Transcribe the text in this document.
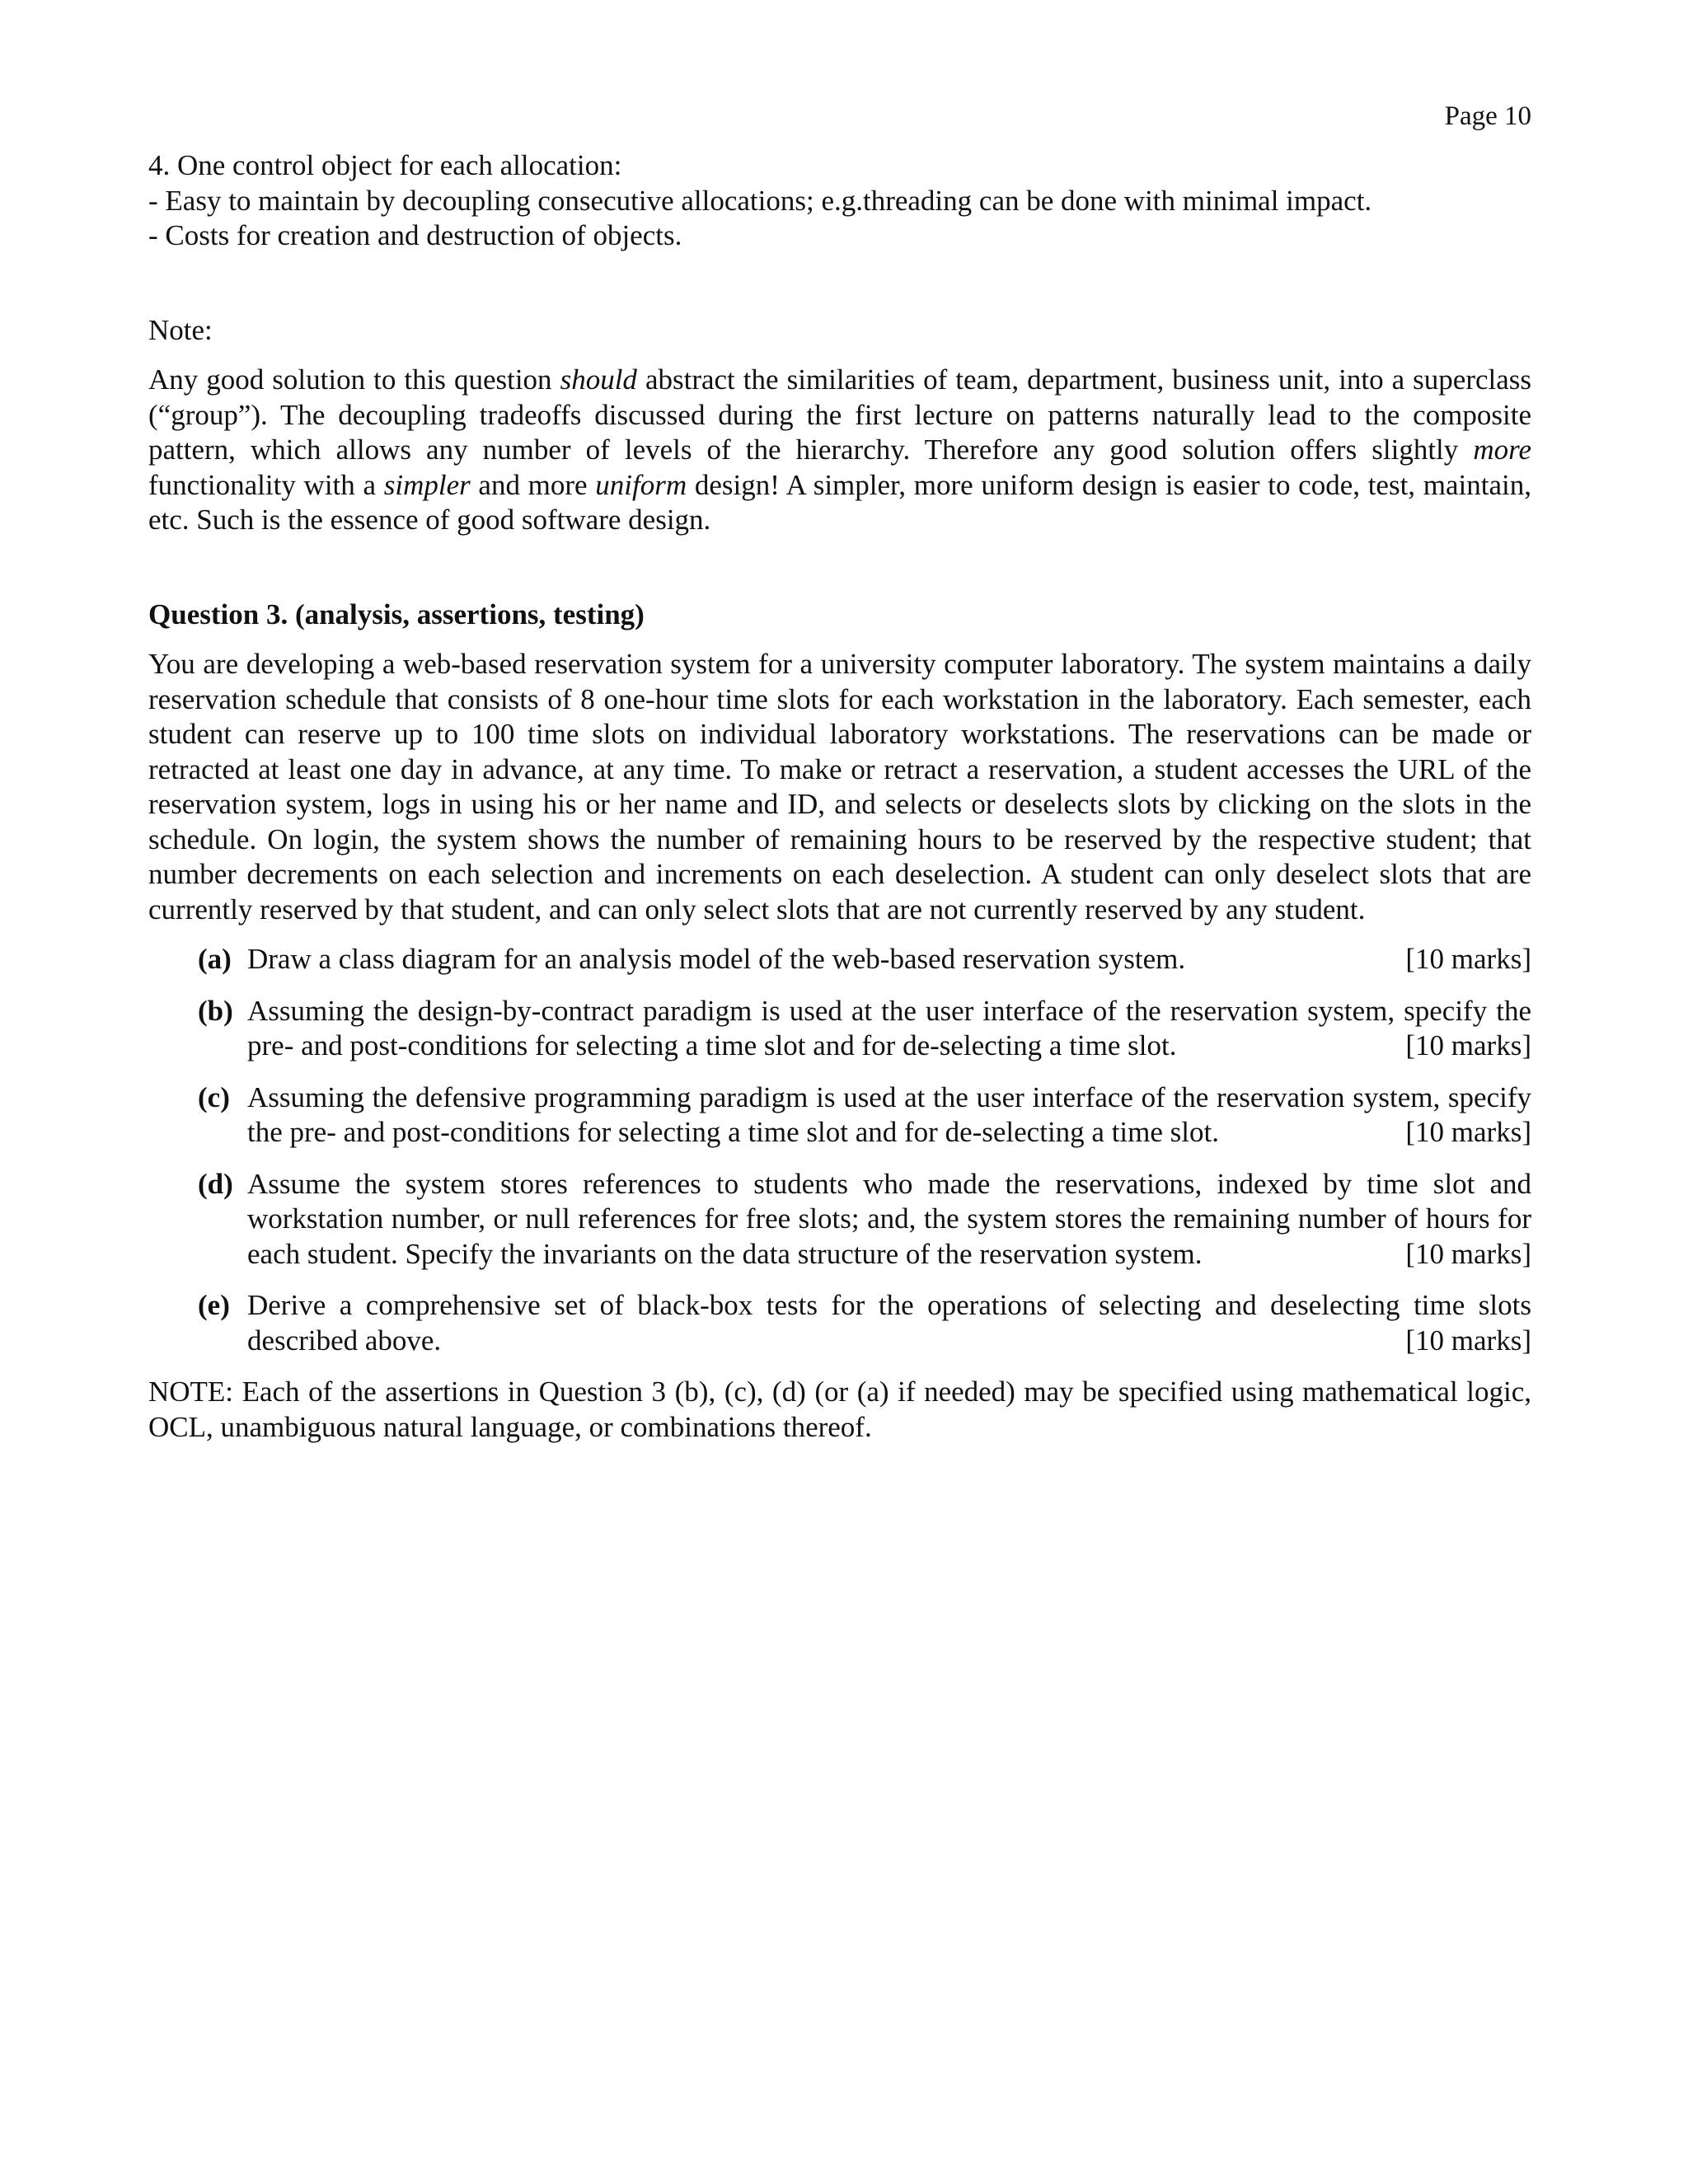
Page 10
4. One control object for each allocation:
- Easy to maintain by decoupling consecutive allocations; e.g.threading can be done with minimal impact.
- Costs for creation and destruction of objects.
Note:
Any good solution to this question should abstract the similarities of team, department, business unit, into a superclass (“group”). The decoupling tradeoffs discussed during the first lecture on patterns naturally lead to the composite pattern, which allows any number of levels of the hierarchy. Therefore any good solution offers slightly more functionality with a simpler and more uniform design! A simpler, more uniform design is easier to code, test, maintain, etc. Such is the essence of good software design.
Question 3. (analysis, assertions, testing)
You are developing a web-based reservation system for a university computer laboratory. The system maintains a daily reservation schedule that consists of 8 one-hour time slots for each workstation in the laboratory. Each semester, each student can reserve up to 100 time slots on individual laboratory workstations. The reservations can be made or retracted at least one day in advance, at any time. To make or retract a reservation, a student accesses the URL of the reservation system, logs in using his or her name and ID, and selects or deselects slots by clicking on the slots in the schedule. On login, the system shows the number of remaining hours to be reserved by the respective student; that number decrements on each selection and increments on each deselection. A student can only deselect slots that are currently reserved by that student, and can only select slots that are not currently reserved by any student.
(a) Draw a class diagram for an analysis model of the web-based reservation system.	[10 marks]
(b) Assuming the design-by-contract paradigm is used at the user interface of the reservation system, specify the pre- and post-conditions for selecting a time slot and for de-selecting a time slot.	[10 marks]
(c) Assuming the defensive programming paradigm is used at the user interface of the reservation system, specify the pre- and post-conditions for selecting a time slot and for de-selecting a time slot.	[10 marks]
(d) Assume the system stores references to students who made the reservations, indexed by time slot and workstation number, or null references for free slots; and, the system stores the remaining number of hours for each student. Specify the invariants on the data structure of the reservation system.	[10 marks]
(e) Derive a comprehensive set of black-box tests for the operations of selecting and deselecting time slots described above.	[10 marks]
NOTE: Each of the assertions in Question 3 (b), (c), (d) (or (a) if needed) may be specified using mathematical logic, OCL, unambiguous natural language, or combinations thereof.
